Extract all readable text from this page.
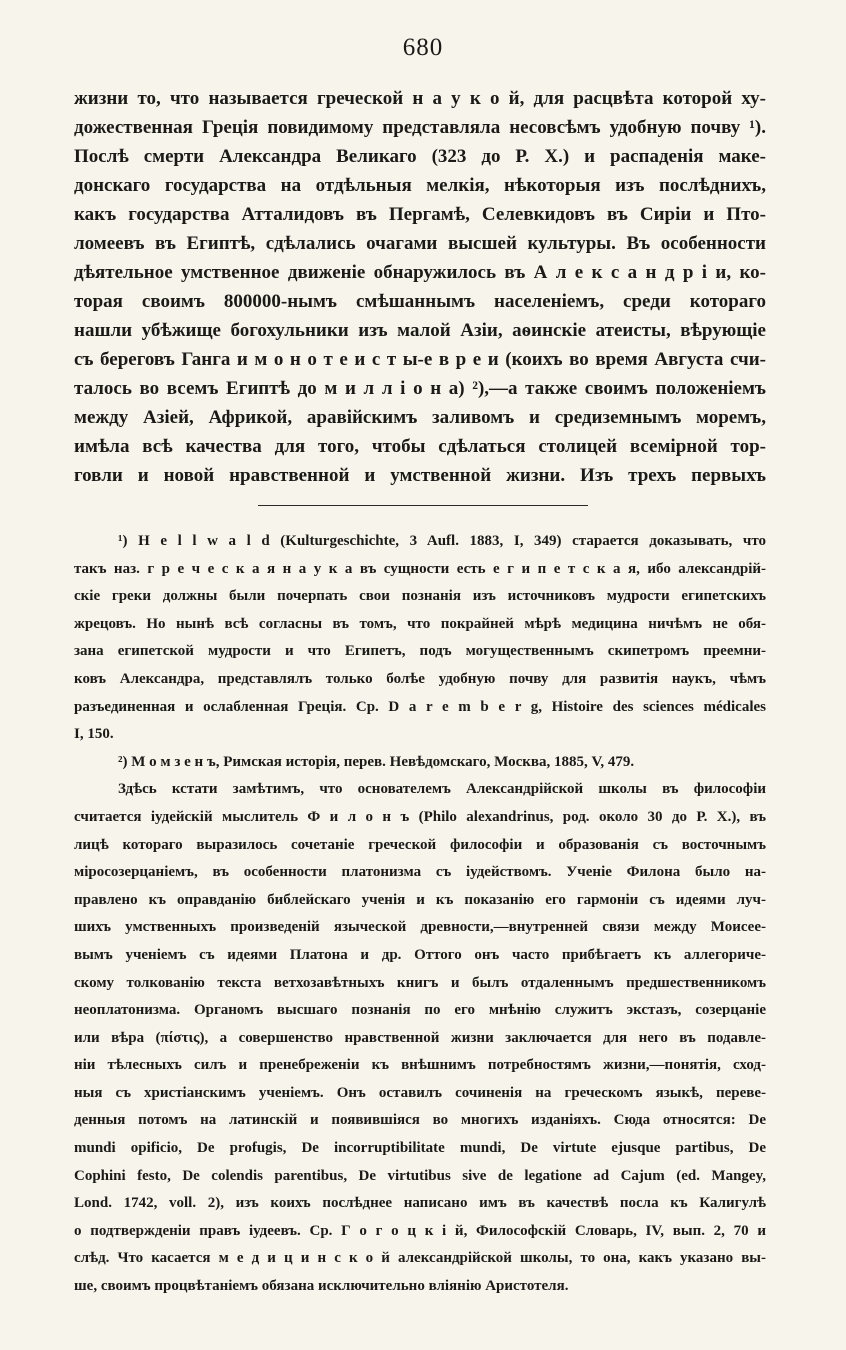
680
жизни то, что называется греческой н а у к о й, для расцвѣта которой ху-
дожественная Грецiя повидимому представляла несовсѣмъ удобную почву ¹).
Послѣ смерти Александра Великаго (323 до Р. Х.) и распаденiя маке-
донскаго государства на отдѣльныя мелкiя, нѣкоторыя изъ послѣднихъ,
какъ государства Атталидовъ въ Пергамѣ, Селевкидовъ въ Сирiи и Пто-
ломеевъ въ Египтѣ, сдѣлались очагами высшей культуры. Въ особенности
дѣятельное умственное движенiе обнаружилось въ А л е к с а н д р i и, ко-
торая своимъ 800000-нымъ смѣшаннымъ населенiемъ, среди котораго
нашли убѣжище богохульники изъ малой Азiи, аѳинскiе атеисты, вѣрующiе
съ береговъ Ганга и м о н о т е и с т ы-е в р е и (коихъ во время Августа счи-
талось во всемъ Египтѣ до м и л л i о н а) ²),—а также своимъ положенiемъ
между Азiей, Африкой, аравiйскимъ заливомъ и средиземнымъ моремъ,
имѣла всѣ качества для того, чтобы сдѣлаться столицей всемiрной тор-
говли и новой нравственной и умственной жизни. Изъ трехъ первыхъ
¹) H e l l w a l d (Kulturgeschichte, 3 Aufl. 1883, I, 349) старается доказывать, что
такъ наз. г р е ч е с к а я н а у к а въ сущности есть е г и п е т с к а я, ибо александрiй-
скiе греки должны были почерпать свои познанiя изъ источниковъ мудрости египетскихъ
жрецовъ. Но нынѣ всѣ согласны въ томъ, что покрайней мѣрѣ медицина ничѣмъ не обя-
зана египетской мудрости и что Египетъ, подъ могущественнымъ скипетромъ преемни-
ковъ Александра, представлялъ только болѣе удобную почву для развитiя наукъ, чѣмъ
разъединенная и ослабленная Грецiя. Ср. D a r e m b e r g, Histoire des sciences médicales
I, 150.
²) М о м з е н ъ, Римская исторiя, перев. Невѣдомскаго, Москва, 1885, V, 479.
Здѣсь кстати замѣтимъ, что основателемъ Александрiйской школы въ философiи
считается iудейскiй мыслитель Ф и л о н ъ (Philo alexandrinus, род. около 30 до Р. Х.), въ
лицѣ котораго выразилось сочетанiе греческой философiи и образованiя съ восточнымъ
мiросозерцанiемъ, въ особенности платонизма съ iудействомъ. Ученiе Филона было на-
правлено къ оправданiю библейскаго ученiя и къ показанiю его гармонiи съ идеями луч-
шихъ умственныхъ произведенiй языческой древности,—внутренней связи между Моисее-
вымъ ученiемъ съ идеями Платона и др. Оттого онъ часто прибѣгаетъ къ аллегориче-
скому толкованiю текста ветхозавѣтныхъ книгъ и былъ отдаленнымъ предшественникомъ
неоплатонизма. Органомъ высшаго познанiя по его мнѣнiю служитъ экстазъ, созерцанiе
или вѣра (πίστις), а совершенство нравственной жизни заключается для него въ подавле-
нiи тѣлесныхъ силъ и пренебреженiи къ внѣшнимъ потребностямъ жизни,—понятiя, сход-
ныя съ христiанскимъ ученiемъ. Онъ оставилъ сочиненiя на греческомъ языкѣ, переве-
денныя потомъ на латинскiй и появившiяся во многихъ изданiяхъ. Сюда относятся: De
mundi opificio, De profugis, De incorruptibilitate mundi, De virtute ejusque partibus, De
Cophini festo, De colendis parentibus, De virtutibus sive de legatione ad Cajum (ed. Mangey,
Lond. 1742, voll. 2), изъ коихъ послѣднее написано имъ въ качествѣ посла къ Калигулѣ
о подтвержденiи правъ iудеевъ. Ср. Г о г о ц к i й, Философскiй Словарь, IV, вып. 2, 70 и
слѣд. Что касается м е д и ц и н с к о й александрiйской школы, то она, какъ указано вы-
ше, своимъ процвѣтанiемъ обязана исключительно влiянiю Аристотеля.
